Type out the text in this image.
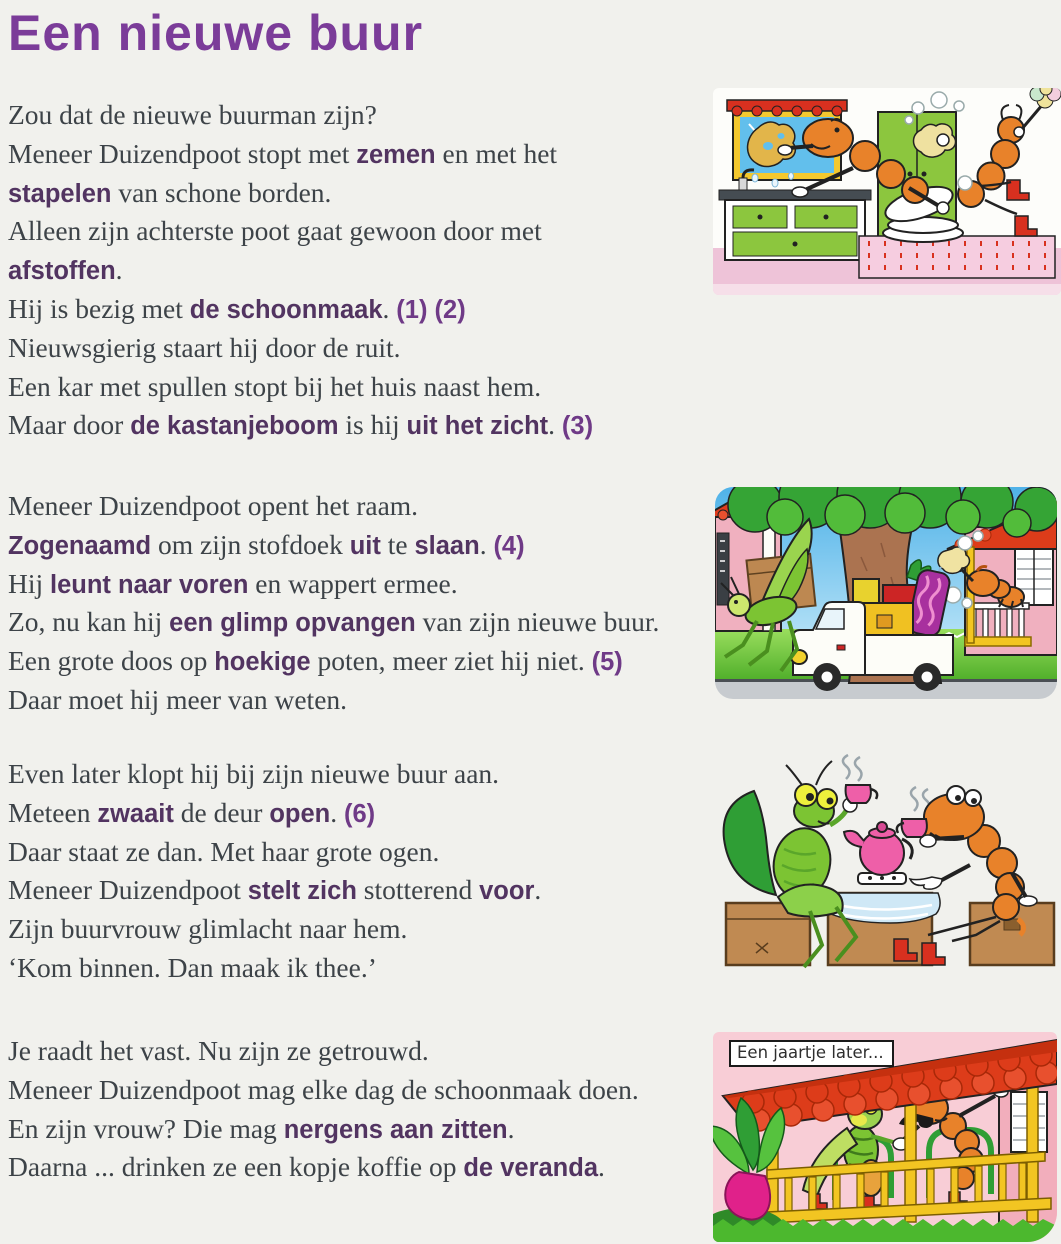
Een nieuwe buur
Zou dat de nieuwe buurman zijn?
Meneer Duizendpoot stopt met zemen en met het
stapelen van schone borden.
Alleen zijn achterste poot gaat gewoon door met
afstoffen.
Hij is bezig met de schoonmaak. (1) (2)
Nieuwsgierig staart hij door de ruit.
Een kar met spullen stopt bij het huis naast hem.
Maar door de kastanjeboom is hij uit het zicht. (3)
Meneer Duizendpoot opent het raam.
Zogenaamd om zijn stofdoek uit te slaan. (4)
Hij leunt naar voren en wappert ermee.
Zo, nu kan hij een glimp opvangen van zijn nieuwe buur.
Een grote doos op hoekige poten, meer ziet hij niet. (5)
Daar moet hij meer van weten.
Even later klopt hij bij zijn nieuwe buur aan.
Meteen zwaait de deur open. (6)
Daar staat ze dan. Met haar grote ogen.
Meneer Duizendpoot stelt zich stotterend voor.
Zijn buurvrouw glimlacht naar hem.
‘Kom binnen. Dan maak ik thee.’
Je raadt het vast. Nu zijn ze getrouwd.
Meneer Duizendpoot mag elke dag de schoonmaak doen.
En zijn vrouw? Die mag nergens aan zitten.
Daarna ... drinken ze een kopje koffie op de veranda.
Een jaartje later...
